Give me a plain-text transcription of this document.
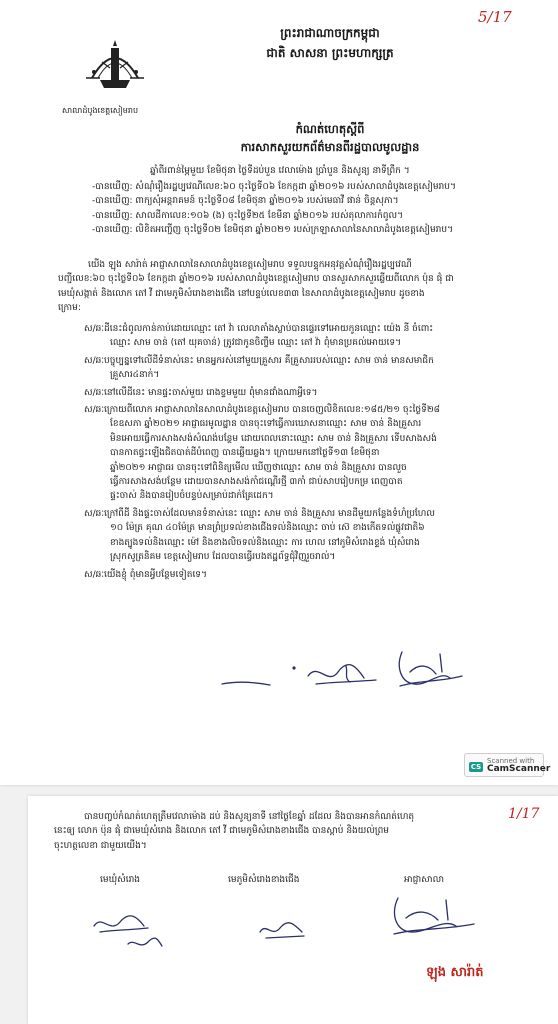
5/17
សាលាដំបូងខេត្តសៀមរាប
ព្រះរាជាណាចក្រកម្ពុជា
ជាតិ សាសនា ព្រះមហាក្សត្រ
កំណត់ហេតុស្ដីពី
ការសាកសួរយកព័ត៌មានពីរដ្ឋបាលមូលដ្ឋាន
ឆ្នាំពីរពាន់ម្ភៃមួយ ខែមិថុនា ថ្ងៃទីដប់បួន វេលាម៉ោង ប្រាំបួន និងសូន្យ នាទីព្រឹក ។
-បានឃើញ: សំណុំរឿងរដ្ឋប្បវេណីលេខ:៦០ ចុះថ្ងៃទី០៦ ខែកក្កដា ឆ្នាំ២០១៦ របស់សាលាដំបូងខេត្តសៀមរាប។
-បានឃើញ: ពាក្យសុំអន្តរាគមន៍ ចុះថ្ងៃទី០៨ ខែមិថុនា ឆ្នាំ២០១៦ របស់មេធាវី ផាន់ ចិន្តសុភា។
-បានឃើញ: សាលដីកាលេខ:១០៦ (ង) ចុះថ្ងៃទី២៥ ខែមីនា ឆ្នាំ២០១៦ របស់តុលាការកំពូល។
-បានឃើញ: លិខិតអញ្ជើញ ចុះថ្ងៃទី០២ ខែមិថុនា ឆ្នាំ២០២១ របស់ក្រឡាសាលានៃសាលាដំបូងខេត្តសៀមរាប។
យើង ឡុង សារ៉ាត់ អាជ្ញាសាលានៃសាលាដំបូងខេត្តសៀមរាប ទទួលបន្ទុកអនុវត្តសំណុំរឿងរដ្ឋប្បវេណី
បញ្ជីលេខ:៦០ ចុះថ្ងៃទី០៦ ខែកក្កដា ឆ្នាំ២០១៦ របស់សាលាដំបូងខេត្តសៀមរាប បានសួរសាកសួរឆ្លើយពីលោក ប៉ុន ផុំ ជា
មេឃុំសង្កាត់ និងលោក តៅ វី ជាមេភូមិសំរោងខាងជើង នៅបន្ទប់លេខ៣៣ នៃសាលាដំបូងខេត្តសៀមរាប ដូចខាង
ក្រោម:
ស/ឆៈដីនេះជំពូលកាន់កាប់ដោយឈ្មោះ តៅ វ៉ា លេលាតាំងស្លាប់បានផ្ទេរទៅអោយកូនឈ្មោះ យ៉េង នី ចំពោះ
ឈ្មោះ សាម ចាន់ (តៅ យុគចាន់) ត្រូវជាកូនចិញ្ចឹម ឈ្មោះ តៅ វ៉ា ពុំមានប្រគល់អោយទេ។
ស/ឆៈបច្ចុប្បន្នទៅលើដីទំនាស់នេះ មានអ្នករស់នៅមួយគ្រួសារ គឺគ្រួសាររបស់ឈ្មោះ សាម ចាន់ មានសមាជិក
គ្រួសារ៤នាក់។
ស/ឆៈនៅលើដីនេះ មានផ្ទះចាស់មួយ រោងខ្ទមមួយ ពុំមានជាំងណាអ្វីទេ។
ស/ឆៈក្រោយពីលោក អាជ្ញាសាលានៃសាលាដំបូងខេត្តសៀមរាប បានចេញលិខិតលេខ:១៨៥/២១ ចុះថ្ងៃទី២៨
ខែឧសភា ឆ្នាំ២០២១ អាជ្ញាធរមូលដ្ឋាន បានចុះទៅធ្វើការឃោសនាឈ្មោះ សាម ចាន់ និងគ្រួសារ
មិនអោយធ្វើការសាងសង់សំណង់បន្ថែម ដោយពេលនោះឈ្មោះ សាម ចាន់ និងគ្រួសារ ទើបសាងសង់
បានកាតផ្ទះឡើងជិតបាត់ដីបំពេញ បានឆ្លើយឆ្លង។ ក្រោយមកនៅថ្ងៃទី១៣ ខែមិថុនា
ឆ្នាំ២០២១ អាជ្ញាធរ បានចុះទៅពិនិត្យមើល ឃើញថាឈ្មោះ សាម ចាន់ និងគ្រួសារ បានលួច
ធ្វើការសាងសង់បន្ថែម ដោយបានសាងសង់កាំជណ្ដើរថ្មី ៣កាំ ជាប់សាបរៀបកម្រ ពេញបាត
ផ្ទះចាស់ និងបានរៀបចំបន្ទប់សម្រាប់ដាក់គ្រែដេក។
ស/ឆៈក្រៅពីដី និងផ្ទះចាស់ដែលមានទំនាស់នេះ ឈ្មោះ សាម ចាន់ និងគ្រួសារ មានដីមួយកន្លែងទំហំប្រហែល
១០ ម៉ែត្រ គុណ ៤០ម៉ែត្រ មានព្រំប្រទល់ខាងជើងទល់និងឈ្មោះ ចាប់ ស៊េ ខាងកើតទល់ផ្លូវជាតិ៦
ខាងត្បូងទល់និងឈ្មោះ ម៉ៅ និងខាងលិចទល់និងឈ្មោះ ការ ហេល នៅភូមិសំរោងខ្ទង់ ឃុំសំរោង
ស្រុកសូត្រនិគម ខេត្តសៀមរាប ដែលបានធ្វើរបងឥដ្ឋព័ទ្ធជុំវិញរួចរាល់។
ស/ឆៈយើងខ្ញុំ ពុំមានអ្វីបន្ថែមទៀតទេ។
Scanned with
CS CamScanner
1/17
បានបញ្ចប់កំណត់ហេតុត្រឹមវេលាម៉ោង ដប់ និងសូន្យនាទី នៅថ្ងៃខែឆ្នាំ ដដែល និងបានអានកំណត់ហេតុ
នេះឲ្យ លោក ប៉ុន ផុំ ជាមេឃុំសំរោង និងលោក តៅ វី ជាមេភូមិសំរោងខាងជើង បានស្ដាប់ និងយល់ព្រម
ចុះហត្ថលេខា ជាមួយយើង។
មេឃុំសំរោង	មេភូមិសំរោងខាងជើង	អាជ្ញាសាលា
ឡុង សារ៉ាត់
